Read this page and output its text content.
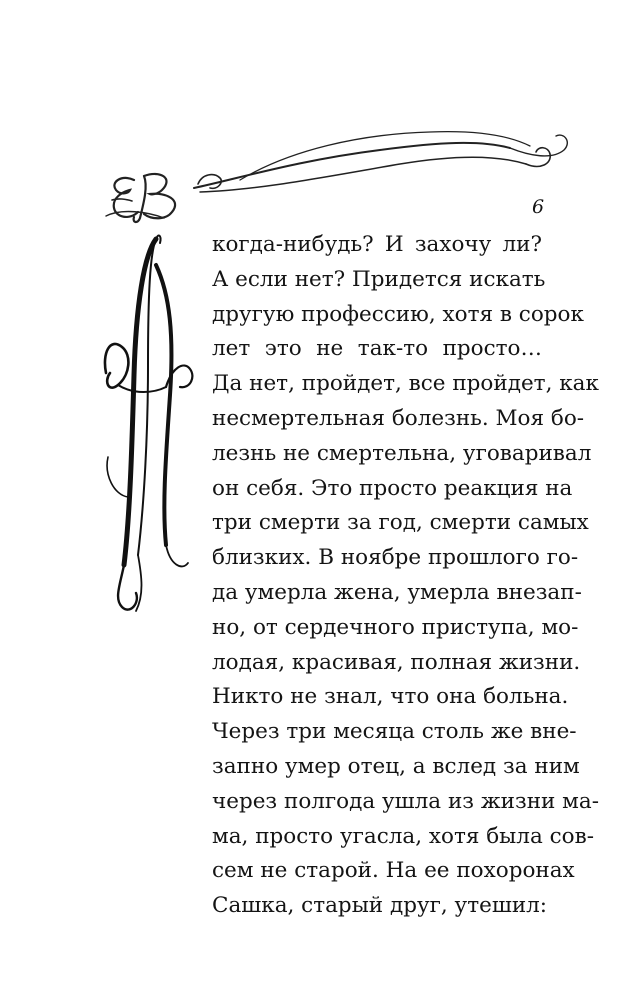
6
когда-нибудь? И захочу ли?
А если нет? Придется искать
другую профессию, хотя в сорок
лет это не так-то просто…
Да нет, пройдет, все пройдет, как
несмертельная болезнь. Моя бо-
лезнь не смертельна, уговаривал
он себя. Это просто реакция на
три смерти за год, смерти самых
близких. В ноябре прошлого го-
да умерла жена, умерла внезап-
но, от сердечного приступа, мо-
лодая, красивая, полная жизни.
Никто не знал, что она больна.
Через три месяца столь же вне-
запно умер отец, а вслед за ним
через полгода ушла из жизни ма-
ма, просто угасла, хотя была сов-
сем не старой. На ее похоронах
Сашка, старый друг, утешил:
